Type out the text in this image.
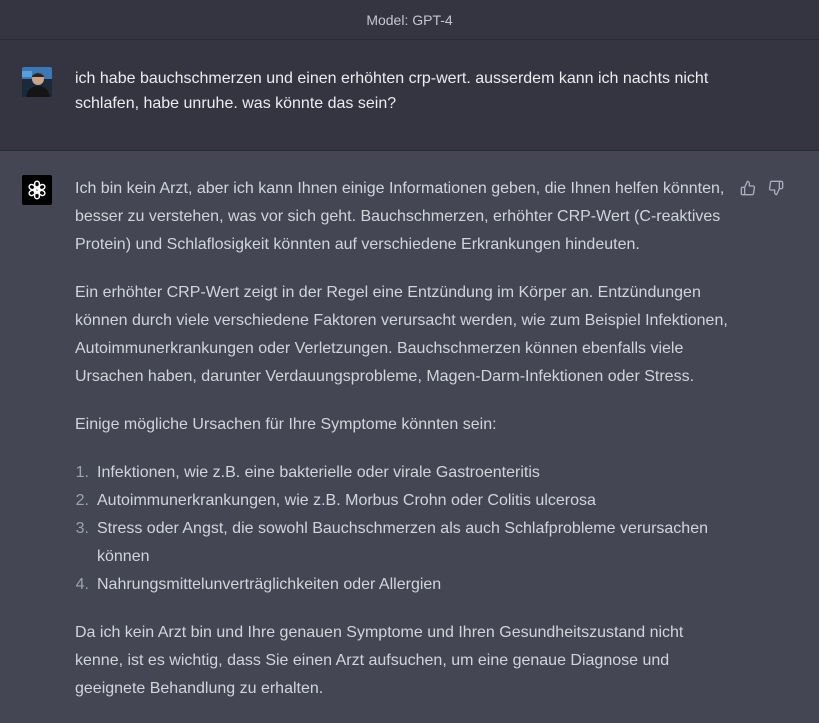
Model: GPT-4
ich habe bauchschmerzen und einen erhöhten crp-wert. ausserdem kann ich nachts nicht schlafen, habe unruhe. was könnte das sein?

Ich bin kein Arzt, aber ich kann Ihnen einige Informationen geben, die Ihnen helfen könnten, besser zu verstehen, was vor sich geht. Bauchschmerzen, erhöhter CRP-Wert (C-reaktives Protein) und Schlaflosigkeit könnten auf verschiedene Erkrankungen hindeuten.

Ein erhöhter CRP-Wert zeigt in der Regel eine Entzündung im Körper an. Entzündungen können durch viele verschiedene Faktoren verursacht werden, wie zum Beispiel Infektionen, Autoimmunerkrankungen oder Verletzungen. Bauchschmerzen können ebenfalls viele Ursachen haben, darunter Verdauungsprobleme, Magen-Darm-Infektionen oder Stress.

Einige mögliche Ursachen für Ihre Symptome könnten sein:

1. Infektionen, wie z.B. eine bakterielle oder virale Gastroenteritis
2. Autoimmunerkrankungen, wie z.B. Morbus Crohn oder Colitis ulcerosa
3. Stress oder Angst, die sowohl Bauchschmerzen als auch Schlafprobleme verursachen können
4. Nahrungsmittelunverträglichkeiten oder Allergien

Da ich kein Arzt bin und Ihre genauen Symptome und Ihren Gesundheitszustand nicht kenne, ist es wichtig, dass Sie einen Arzt aufsuchen, um eine genaue Diagnose und geeignete Behandlung zu erhalten.
